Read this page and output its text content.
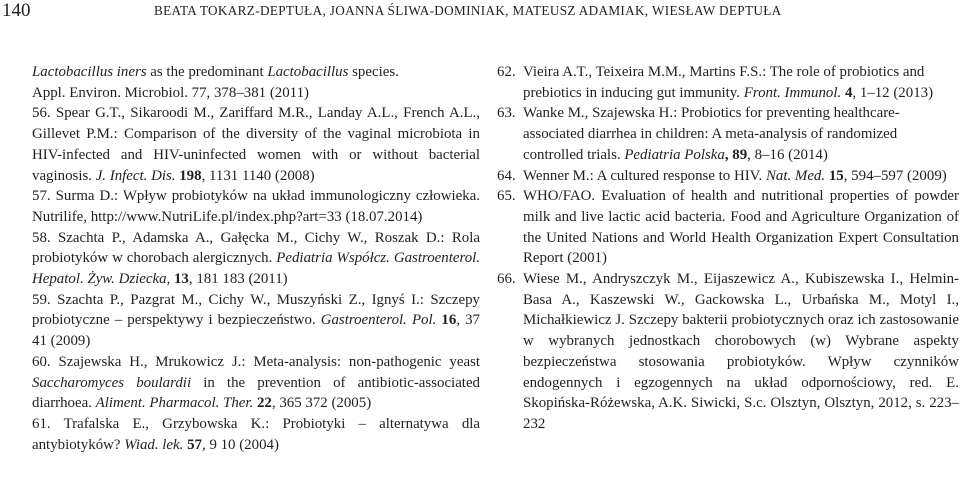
140	BEATA TOKARZ-DEPTUŁA, JOANNA ŚLIWA-DOMINIAK, MATEUSZ ADAMIAK, WIESŁAW DEPTUŁA
Lactobacillus iners as the predominant Lactobacillus species.
Appl. Environ. Microbiol. 77, 378–381 (2011)
56. Spear G.T., Sikaroodi M., Zariffard M.R., Landay A.L., French A.L., Gillevet P.M.: Comparison of the diversity of the vaginal microbiota in HIV-infected and HIV-uninfected women with or without bacterial vaginosis. J. Infect. Dis. 198, 1131 1140 (2008)
57. Surma D.: Wpływ probiotyków na układ immunologiczny człowieka. Nutrilife, http://www.NutriLife.pl/index.php?art=33 (18.07.2014)
58. Szachta P., Adamska A., Gałęcka M., Cichy W., Roszak D.: Rola probiotyków w chorobach alergicznych. Pediatria Współcz. Gastroenterol. Hepatol. Żyw. Dziecka, 13, 181 183 (2011)
59. Szachta P., Pazgrat M., Cichy W., Muszyński Z., Ignyś I.: Szczepy probiotyczne – perspektywy i bezpieczeństwo. Gastroenterol. Pol. 16, 37 41 (2009)
60. Szajewska H., Mrukowicz J.: Meta-analysis: non-pathogenic yeast Saccharomyces boulardii in the prevention of antibiotic-associated diarrhoea. Aliment. Pharmacol. Ther. 22, 365 372 (2005)
61. Trafalska E., Grzybowska K.: Probiotyki – alternatywa dla antybiotyków? Wiad. lek. 57, 9 10 (2004)
62. Vieira A.T., Teixeira M.M., Martins F.S.: The role of probiotics and prebiotics in inducing gut immunity. Front. Immunol. 4, 1–12 (2013)
63. Wanke M., Szajewska H.: Probiotics for preventing healthcare-associated diarrhea in children: A meta-analysis of randomized controlled trials. Pediatria Polska, 89, 8–16 (2014)
64. Wenner M.: A cultured response to HIV. Nat. Med. 15, 594–597 (2009)
65. WHO/FAO. Evaluation of health and nutritional properties of powder milk and live lactic acid bacteria. Food and Agriculture Organization of the United Nations and World Health Organization Expert Consultation Report (2001)
66. Wiese M., Andryszczyk M., Eijaszewicz A., Kubiszewska I., Helmin-Basa A., Kaszewski W., Gackowska L., Urbańska M., Motyl I., Michałkiewicz J. Szczepy bakterii probiotycznych oraz ich zastosowanie w wybranych jednostkach chorobowych (w) Wybrane aspekty bezpieczeństwa stosowania probiotyków. Wpływ czynników endogennych i egzogennych na układ odpornościowy, red. E. Skopińska-Różewska, A.K. Siwicki, S.c. Olsztyn, Olsztyn, 2012, s. 223–232
